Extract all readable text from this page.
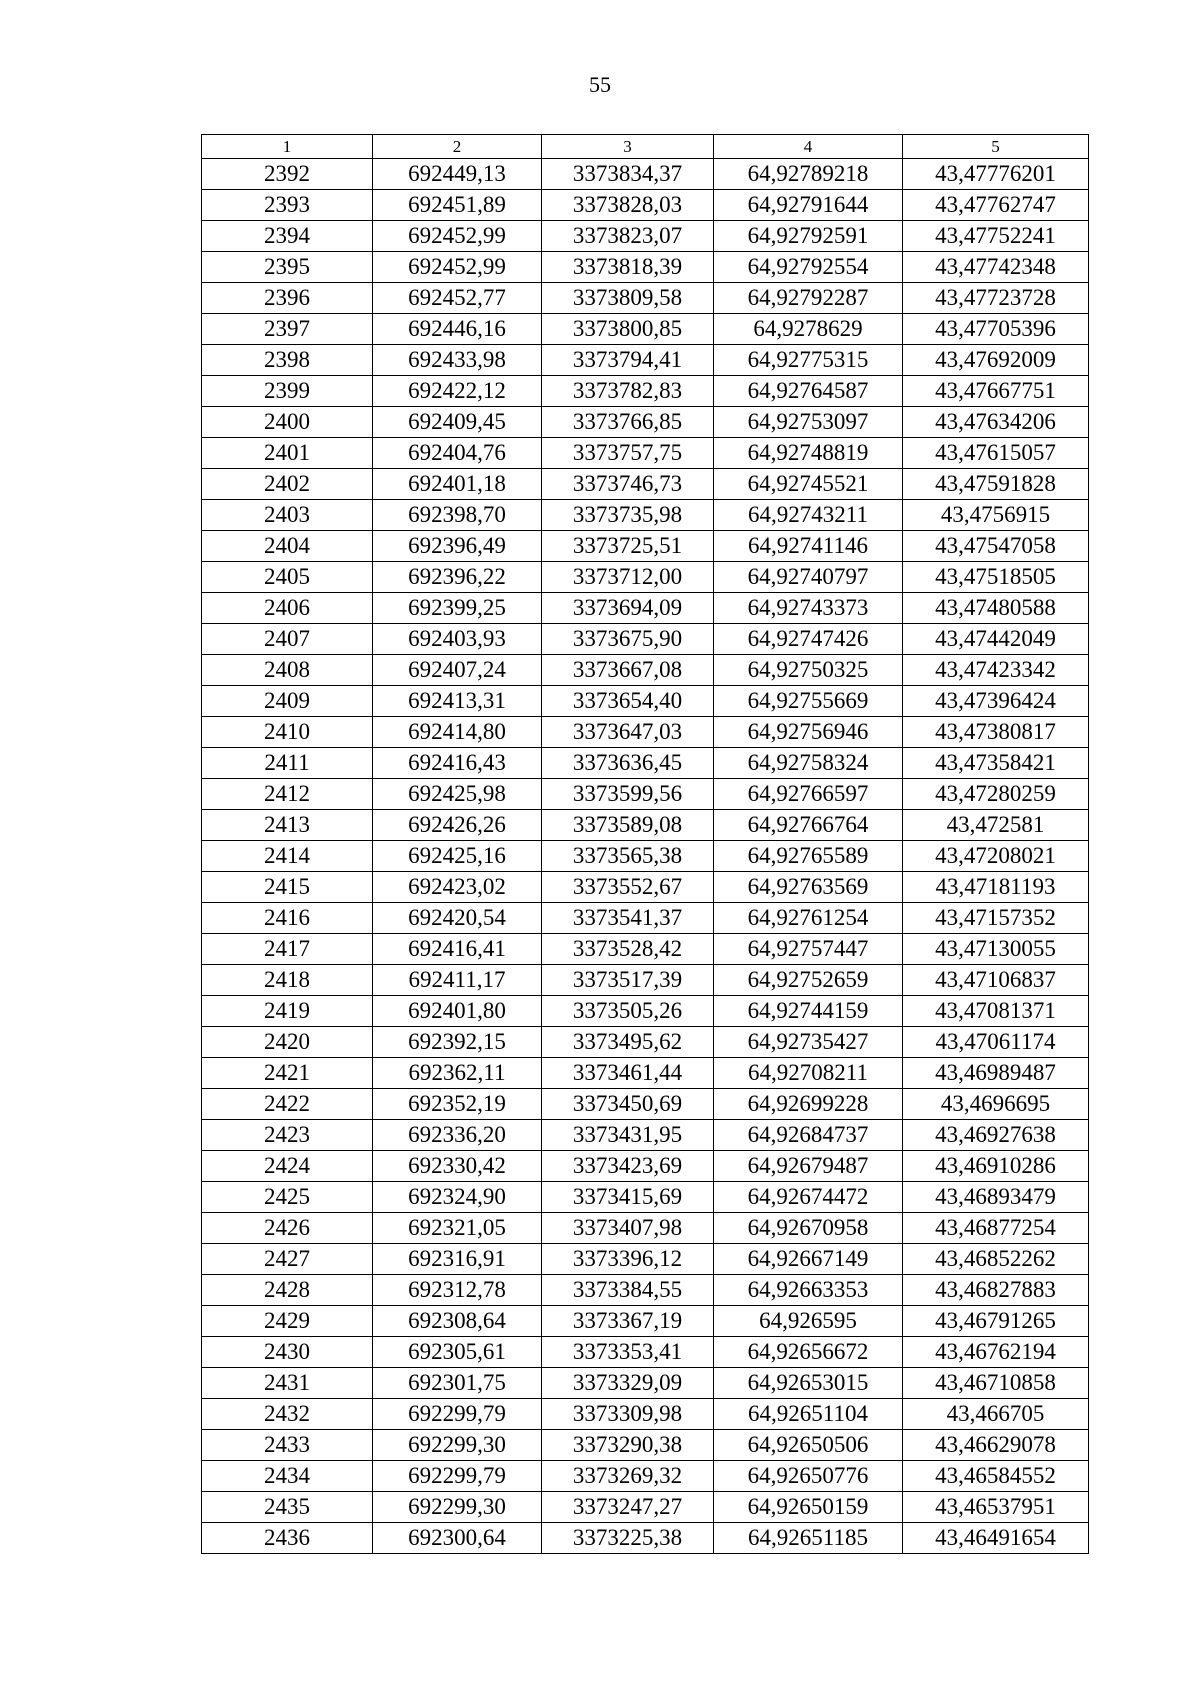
55
1	2	3	4	5
2392	692449,13	3373834,37	64,92789218	43,47776201
2393	692451,89	3373828,03	64,92791644	43,47762747
2394	692452,99	3373823,07	64,92792591	43,47752241
2395	692452,99	3373818,39	64,92792554	43,47742348
2396	692452,77	3373809,58	64,92792287	43,47723728
2397	692446,16	3373800,85	64,9278629	43,47705396
2398	692433,98	3373794,41	64,92775315	43,47692009
2399	692422,12	3373782,83	64,92764587	43,47667751
2400	692409,45	3373766,85	64,92753097	43,47634206
2401	692404,76	3373757,75	64,92748819	43,47615057
2402	692401,18	3373746,73	64,92745521	43,47591828
2403	692398,70	3373735,98	64,92743211	43,4756915
2404	692396,49	3373725,51	64,92741146	43,47547058
2405	692396,22	3373712,00	64,92740797	43,47518505
2406	692399,25	3373694,09	64,92743373	43,47480588
2407	692403,93	3373675,90	64,92747426	43,47442049
2408	692407,24	3373667,08	64,92750325	43,47423342
2409	692413,31	3373654,40	64,92755669	43,47396424
2410	692414,80	3373647,03	64,92756946	43,47380817
2411	692416,43	3373636,45	64,92758324	43,47358421
2412	692425,98	3373599,56	64,92766597	43,47280259
2413	692426,26	3373589,08	64,92766764	43,472581
2414	692425,16	3373565,38	64,92765589	43,47208021
2415	692423,02	3373552,67	64,92763569	43,47181193
2416	692420,54	3373541,37	64,92761254	43,47157352
2417	692416,41	3373528,42	64,92757447	43,47130055
2418	692411,17	3373517,39	64,92752659	43,47106837
2419	692401,80	3373505,26	64,92744159	43,47081371
2420	692392,15	3373495,62	64,92735427	43,47061174
2421	692362,11	3373461,44	64,92708211	43,46989487
2422	692352,19	3373450,69	64,92699228	43,4696695
2423	692336,20	3373431,95	64,92684737	43,46927638
2424	692330,42	3373423,69	64,92679487	43,46910286
2425	692324,90	3373415,69	64,92674472	43,46893479
2426	692321,05	3373407,98	64,92670958	43,46877254
2427	692316,91	3373396,12	64,92667149	43,46852262
2428	692312,78	3373384,55	64,92663353	43,46827883
2429	692308,64	3373367,19	64,926595	43,46791265
2430	692305,61	3373353,41	64,92656672	43,46762194
2431	692301,75	3373329,09	64,92653015	43,46710858
2432	692299,79	3373309,98	64,92651104	43,466705
2433	692299,30	3373290,38	64,92650506	43,46629078
2434	692299,79	3373269,32	64,92650776	43,46584552
2435	692299,30	3373247,27	64,92650159	43,46537951
2436	692300,64	3373225,38	64,92651185	43,46491654
